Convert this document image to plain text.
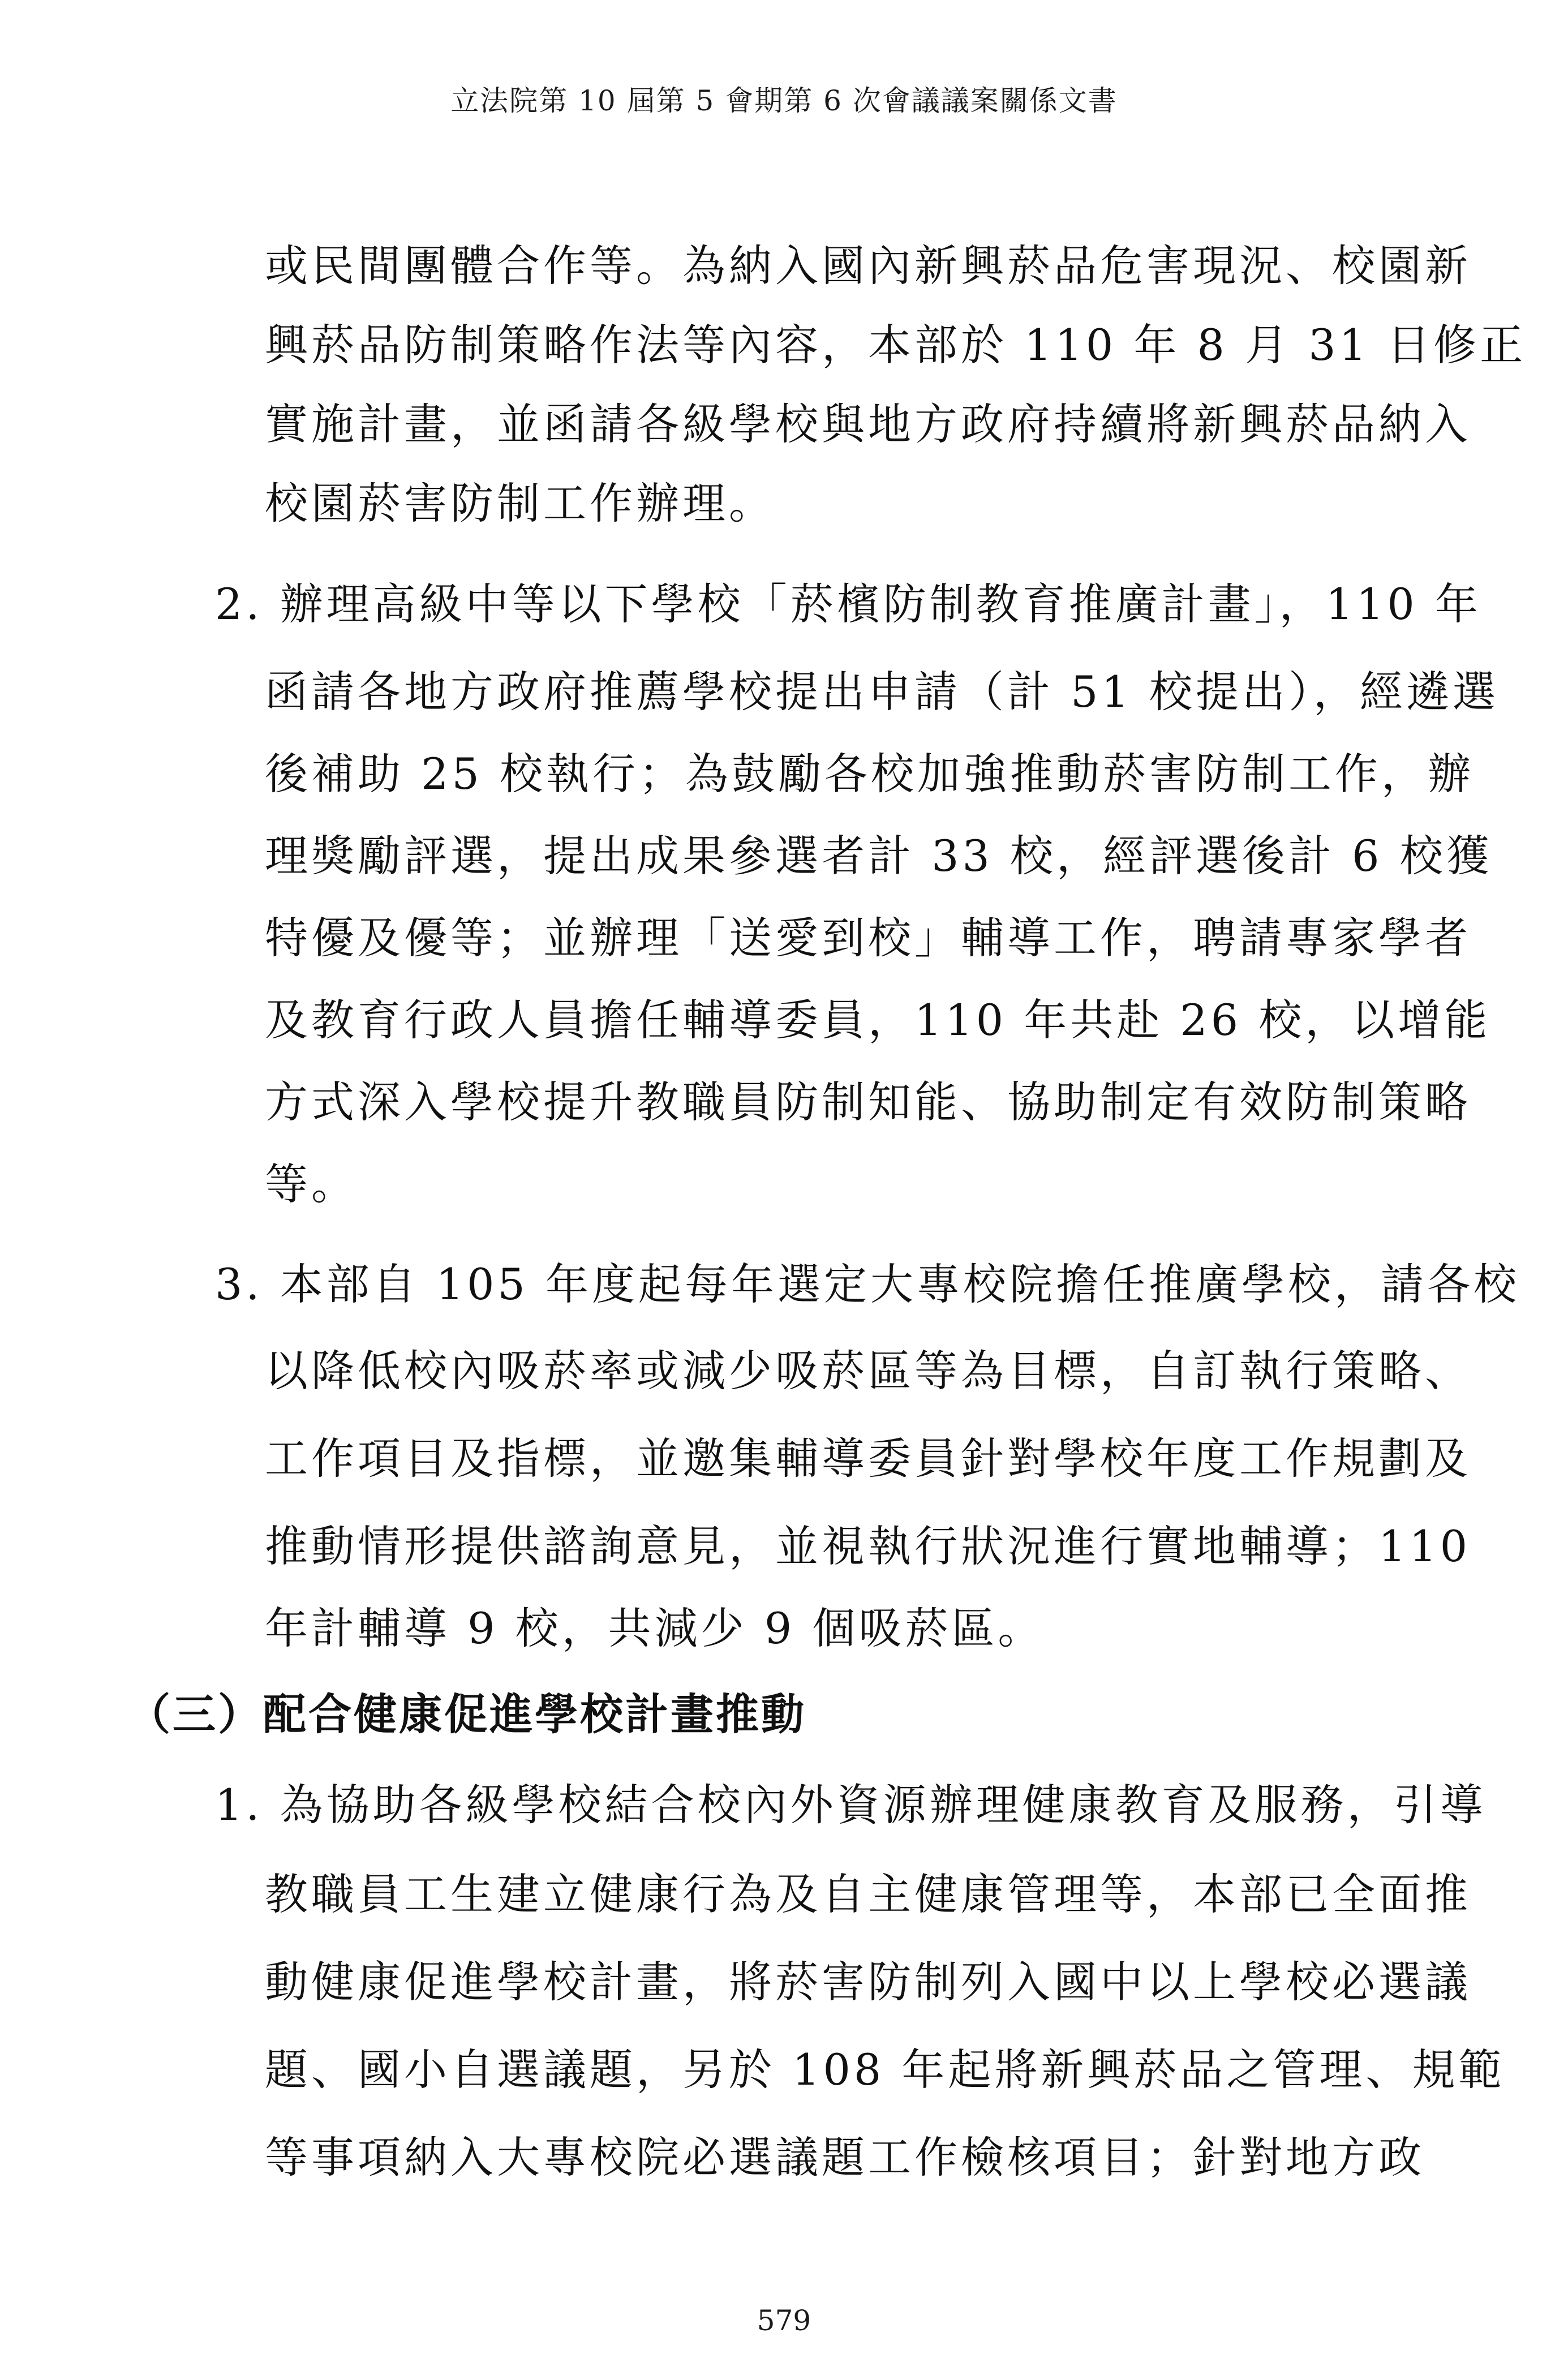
立法院第 10 屆第 5 會期第 6 次會議議案關係文書
或民間團體合作等。為納入國內新興菸品危害現況、校園新
興菸品防制策略作法等內容，本部於 110 年 8 月 31 日修正
實施計畫，並函請各級學校與地方政府持續將新興菸品納入
校園菸害防制工作辦理。
2. 辦理高級中等以下學校「菸檳防制教育推廣計畫」，110 年
函請各地方政府推薦學校提出申請（計 51 校提出），經遴選
後補助 25 校執行；為鼓勵各校加強推動菸害防制工作，辦
理獎勵評選，提出成果參選者計 33 校，經評選後計 6 校獲
特優及優等；並辦理「送愛到校」輔導工作，聘請專家學者
及教育行政人員擔任輔導委員，110 年共赴 26 校，以增能
方式深入學校提升教職員防制知能、協助制定有效防制策略
等。
3. 本部自 105 年度起每年選定大專校院擔任推廣學校，請各校
以降低校內吸菸率或減少吸菸區等為目標，自訂執行策略、
工作項目及指標，並邀集輔導委員針對學校年度工作規劃及
推動情形提供諮詢意見，並視執行狀況進行實地輔導；110
年計輔導 9 校，共減少 9 個吸菸區。
（三）配合健康促進學校計畫推動
1. 為協助各級學校結合校內外資源辦理健康教育及服務，引導
教職員工生建立健康行為及自主健康管理等，本部已全面推
動健康促進學校計畫，將菸害防制列入國中以上學校必選議
題、國小自選議題，另於 108 年起將新興菸品之管理、規範
等事項納入大專校院必選議題工作檢核項目；針對地方政
579
